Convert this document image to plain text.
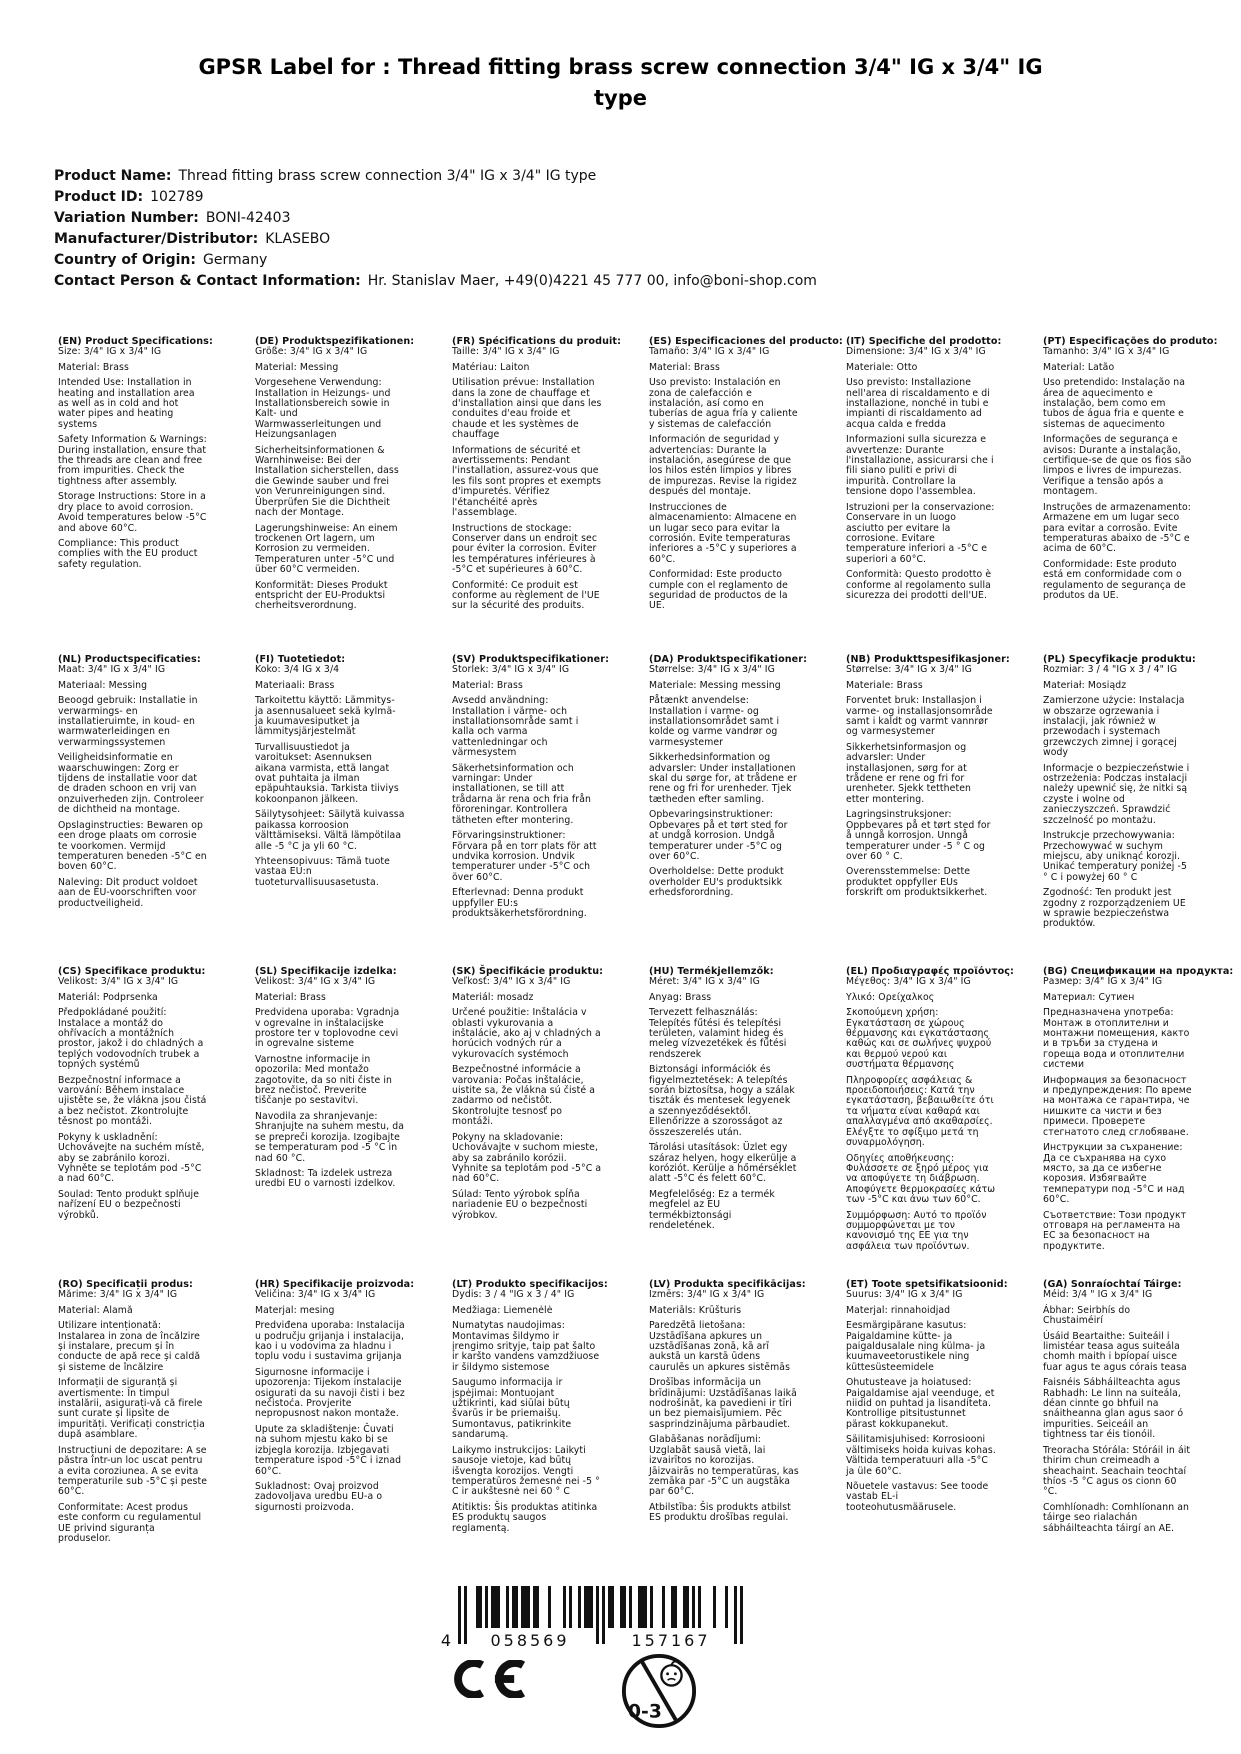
GPSR Label for : Thread fitting brass screw connection 3/4" IG x 3/4" IG type
Product Name: Thread fitting brass screw connection 3/4" IG x 3/4" IG type
Product ID: 102789
Variation Number: BONI-42403
Manufacturer/Distributor: KLASEBO
Country of Origin: Germany
Contact Person & Contact Information: Hr. Stanislav Maer, +49(0)4221 45 777 00, info@boni-shop.com
(EN) Product Specifications:

Size: 3/4" IG x 3/4" IG

Material: Brass

Intended Use: Installation in heating and installation area as well as in cold and hot water pipes and heating systems

Safety Information & Warnings: During installation, ensure that the threads are clean and free from impurities. Check the tightness after assembly.

Storage Instructions: Store in a dry place to avoid corrosion. Avoid temperatures below -5°C and above 60°C.

Compliance: This product complies with the EU product safety regulation.

(DE) Produktspezifikationen:

Größe: 3/4" IG x 3/4" IG

Material: Messing

Vorgesehene Verwendung: Installation in Heizungs- und Installationsbereich sowie in Kalt- und Warmwasserleitungen und Heizungsanlagen

Sicherheitsinformationen & Warnhinweise: Bei der Installation sicherstellen, dass die Gewinde sauber und frei von Verunreinigungen sind. Überprüfen Sie die Dichtheit nach der Montage.

Lagerungshinweise: An einem trockenen Ort lagern, um Korrosion zu vermeiden. Temperaturen unter -5°C und über 60°C vermeiden.

Konformität: Dieses Produkt entspricht der EU-Produktsi cherheitsverordnung.

(FR) Spécifications du produit:

Taille: 3/4" IG x 3/4" IG

Matériau: Laiton

Utilisation prévue: Installation dans la zone de chauffage et d'installation ainsi que dans les conduites d'eau froide et chaude et les systèmes de chauffage

Informations de sécurité et avertissements: Pendant l'installation, assurez-vous que les fils sont propres et exempts d'impuretés. Vérifiez l'étanchéité après l'assemblage.

Instructions de stockage: Conserver dans un endroit sec pour éviter la corrosion. Éviter les températures inférieures à -5°C et supérieures à 60°C.

Conformité: Ce produit est conforme au règlement de l'UE sur la sécurité des produits.

(ES) Especificaciones del producto:

Tamaño: 3/4" IG x 3/4" IG

Material: Brass

Uso previsto: Instalación en zona de calefacción e instalación, así como en tuberías de agua fría y caliente y sistemas de calefacción

Información de seguridad y advertencias: Durante la instalación, asegúrese de que los hilos estén limpios y libres de impurezas. Revise la rigidez después del montaje.

Instrucciones de almacenamiento: Almacene en un lugar seco para evitar la corrosión. Evite temperaturas inferiores a -5°C y superiores a 60°C.

Conformidad: Este producto cumple con el reglamento de seguridad de productos de la UE.

(IT) Specifiche del prodotto:

Dimensione: 3/4" IG x 3/4" IG

Materiale: Otto

Uso previsto: Installazione nell'area di riscaldamento e di installazione, nonché in tubi e impianti di riscaldamento ad acqua calda e fredda

Informazioni sulla sicurezza e avvertenze: Durante l'installazione, assicurarsi che i fili siano puliti e privi di impurità. Controllare la tensione dopo l'assemblea.

Istruzioni per la conservazione: Conservare in un luogo asciutto per evitare la corrosione. Evitare temperature inferiori a -5°C e superiori a 60°C.

Conformità: Questo prodotto è conforme al regolamento sulla sicurezza dei prodotti dell'UE.

(PT) Especificações do produto:

Tamanho: 3/4" IG x 3/4" IG

Material: Latão

Uso pretendido: Instalação na área de aquecimento e instalação, bem como em tubos de água fria e quente e sistemas de aquecimento

Informações de segurança e avisos: Durante a instalação, certifique-se de que os fios são limpos e livres de impurezas. Verifique a tensão após a montagem.

Instruções de armazenamento: Armazene em um lugar seco para evitar a corrosão. Evite temperaturas abaixo de -5°C e acima de 60°C.

Conformidade: Este produto está em conformidade com o regulamento de segurança de produtos da UE.

(NL) Productspecificaties:

Maat: 3/4" IG x 3/4" IG

Materiaal: Messing

Beoogd gebruik: Installatie in verwarmings- en installatieruimte, in koud- en warmwaterleidingen en verwarmingssystemen

Veiligheidsinformatie en waarschuwingen: Zorg er tijdens de installatie voor dat de draden schoon en vrij van onzuiverheden zijn. Controleer de dichtheid na montage.

Opslaginstructies: Bewaren op een droge plaats om corrosie te voorkomen. Vermijd temperaturen beneden -5°C en boven 60°C.

Naleving: Dit product voldoet aan de EU-voorschriften voor productveiligheid.

(FI) Tuotetiedot:

Koko: 3/4 IG x 3/4

Materiaali: Brass

Tarkoitettu käyttö: Lämmitys- ja asennusalueet sekä kylmä- ja kuumavesiputket ja lämmitysjärjestelmät

Turvallisuustiedot ja varoitukset: Asennuksen aikana varmista, että langat ovat puhtaita ja ilman epäpuhtauksia. Tarkista tiiviys kokoonpanon jälkeen.

Säilytysohjeet: Säilytä kuivassa paikassa korroosion välttämiseksi. Vältä lämpötilaa alle -5 °C ja yli 60 °C.

Yhteensopivuus: Tämä tuote vastaa EU:n tuoteturvallisuusasetusta.

(SV) Produktspecifikationer:

Storlek: 3/4" IG x 3/4" IG

Material: Brass

Avsedd användning: Installation i värme- och installationsområde samt i kalla och varma vattenledningar och värmesystem

Säkerhetsinformation och varningar: Under installationen, se till att trådarna är rena och fria från föroreningar. Kontrollera tätheten efter montering.

Förvaringsinstruktioner: Förvara på en torr plats för att undvika korrosion. Undvik temperaturer under -5°C och över 60°C.

Efterlevnad: Denna produkt uppfyller EU:s produktsäkerhetsförordning.

(DA) Produktspecifikationer:

Størrelse: 3/4" IG x 3/4" IG

Materiale: Messing messing

Påtænkt anvendelse: Installation i varme- og installationsområdet samt i kolde og varme vandrør og varmesystemer

Sikkerhedsinformation og advarsler: Under installationen skal du sørge for, at trådene er rene og fri for urenheder. Tjek tætheden efter samling.

Opbevaringsinstruktioner: Opbevares på et tørt sted for at undgå korrosion. Undgå temperaturer under -5°C og over 60°C.

Overholdelse: Dette produkt overholder EU's produktsikk erhedsforordning.

(NB) Produkttspesifikasjoner:

Størrelse: 3/4" IG x 3/4" IG

Materiale: Brass

Forventet bruk: Installasjon i varme- og installasjonsområde samt i kaldt og varmt vannrør og varmesystemer

Sikkerhetsinformasjon og advarsler: Under installasjonen, sørg for at trådene er rene og fri for urenheter. Sjekk tettheten etter montering.

Lagringsinstruksjoner: Oppbevares på et tørt sted for å unngå korrosjon. Unngå temperaturer under -5 ° C og over 60 ° C.

Overensstemmelse: Dette produktet oppfyller EUs forskrift om produktsikkerhet.

(PL) Specyfikacje produktu:

Rozmiar: 3 / 4 "IG x 3 / 4" IG

Materiał: Mosiądz

Zamierzone użycie: Instalacja w obszarze ogrzewania i instalacji, jak również w przewodach i systemach grzewczych zimnej i gorącej wody

Informacje o bezpieczeństwie i ostrzeżenia: Podczas instalacji należy upewnić się, że nitki są czyste i wolne od zanieczyszczeń. Sprawdzić szczelność po montażu.

Instrukcje przechowywania: Przechowywać w suchym miejscu, aby uniknąć korozji. Unikać temperatury poniżej -5 ° C i powyżej 60 ° C

Zgodność: Ten produkt jest zgodny z rozporządzeniem UE w sprawie bezpieczeństwa produktów.

(CS) Specifikace produktu:

Velikost: 3/4" IG x 3/4" IG

Materiál: Podprsenka

Předpokládané použití: Instalace a montáž do ohřívacích a montážních prostor, jakož i do chladných a teplých vodovodních trubek a topných systémů

Bezpečnostní informace a varování: Během instalace ujistěte se, že vlákna jsou čistá a bez nečistot. Zkontrolujte těsnost po montáži.

Pokyny k uskladnění: Uchovávejte na suchém místě, aby se zabránilo korozi. Vyhněte se teplotám pod -5°C a nad 60°C.

Soulad: Tento produkt splňuje nařízení EU o bezpečnosti výrobků.

(SL) Specifikacije izdelka:

Velikost: 3/4" IG x 3/4" IG

Material: Brass

Predvidena uporaba: Vgradnja v ogrevalne in inštalacijske prostore ter v toplovodne cevi in ogrevalne sisteme

Varnostne informacije in opozorila: Med montažo zagotovite, da so niti čiste in brez nečistoč. Preverite tiščanje po sestavitvi.

Navodila za shranjevanje: Shranjujte na suhem mestu, da se prepreči korozija. Izogibajte se temperaturam pod -5 °C in nad 60 °C.

Skladnost: Ta izdelek ustreza uredbi EU o varnosti izdelkov.

(SK) Špecifikácie produktu:

Veľkosť: 3/4" IG x 3/4" IG

Materiál: mosadz

Určené použitie: Inštalácia v oblasti vykurovania a inštalácie, ako aj v chladných a horúcich vodných rúr a vykurovacích systémoch

Bezpečnostné informácie a varovania: Počas inštalácie, uistite sa, že vlákna sú čisté a zadarmo od nečistôt. Skontrolujte tesnosť po montáži.

Pokyny na skladovanie: Uchovávajte v suchom mieste, aby sa zabránilo korózii. Vyhnite sa teplotám pod -5°C a nad 60°C.

Súlad: Tento výrobok spĺňa nariadenie EÚ o bezpečnosti výrobkov.

(HU) Termékjellemzők:

Méret: 3/4" IG x 3/4" IG

Anyag: Brass

Tervezett felhasználás: Telepítés fűtési és telepítési területen, valamint hideg és meleg vízvezetékek és fűtési rendszerek

Biztonsági információk és figyelmeztetések: A telepítés során biztosítsa, hogy a szálak tiszták és mentesek legyenek a szennyeződésektől. Ellenőrizze a szorosságot az összeszerelés után.

Tárolási utasítások: Üzlet egy száraz helyen, hogy elkerülje a koróziót. Kerülje a hőmérséklet alatt -5°C és felett 60°C.

Megfelelőség: Ez a termék megfelel az EU termékbiztonsági rendeletének.

(EL) Προδιαγραφές προϊόντος:

Μέγεθος: 3/4" IG x 3/4" IG

Υλικό: Ορείχαλκος

Σκοπούμενη χρήση: Εγκατάσταση σε χώρους θέρμανσης και εγκατάστασης καθώς και σε σωλήνες ψυχρού και θερμού νερού και συστήματα θέρμανσης

Πληροφορίες ασφάλειας & προειδοποιήσεις: Κατά την εγκατάσταση, βεβαιωθείτε ότι τα νήματα είναι καθαρά και απαλλαγμένα από ακαθαρσίες. Ελέγξτε το σφίξιμο μετά τη συναρμολόγηση.

Οδηγίες αποθήκευσης: Φυλάσσετε σε ξηρό μέρος για να αποφύγετε τη διάβρωση. Αποφύγετε θερμοκρασίες κάτω των -5°C και άνω των 60°C.

Συμμόρφωση: Αυτό το προϊόν συμμορφώνεται με τον κανονισμό της ΕΕ για την ασφάλεια των προϊόντων.

(BG) Спецификации на продукта:

Размер: 3/4" IG x 3/4" IG

Материал: Сутиен

Предназначена употреба: Монтаж в отоплителни и монтажни помещения, както и в тръби за студена и гореща вода и отоплителни системи

Информация за безопасност и предупреждения: По време на монтажа се гарантира, че нишките са чисти и без примеси. Проверете стегнатото след сглобяване.

Инструкции за съхранение: Да се съхранява на сухо място, за да се избегне корозия. Избягвайте температури под -5°C и над 60°C.

Съответствие: Този продукт отговаря на регламента на ЕС за безопасност на продуктите.

(RO) Specificații produs:

Mărime: 3/4" IG x 3/4" IG

Material: Alamă

Utilizare intenționată: Instalarea in zona de încălzire și instalare, precum și în conducte de apă rece și caldă și sisteme de încălzire

Informații de siguranță și avertismente: În timpul instalării, asigurați-vă că firele sunt curate și lipsite de impurități. Verificați constricția după asamblare.

Instrucțiuni de depozitare: A se păstra într-un loc uscat pentru a evita coroziunea. A se evita temperaturile sub -5°C și peste 60°C.

Conformitate: Acest produs este conform cu regulamentul UE privind siguranța produselor.

(HR) Specifikacije proizvoda:

Veličina: 3/4" IG x 3/4" IG

Materjal: mesing

Predviđena uporaba: Instalacija u području grijanja i instalacija, kao i u vodovima za hladnu i toplu vodu i sustavima grijanja

Sigurnosne informacije i upozorenja: Tijekom instalacije osigurati da su navoji čisti i bez nečistoća. Provjerite nepropusnost nakon montaže.

Upute za skladištenje: Čuvati na suhom mjestu kako bi se izbjegla korozija. Izbjegavati temperature ispod -5°C i iznad 60°C.

Sukladnost: Ovaj proizvod zadovoljava uredbu EU-a o sigurnosti proizvoda.

(LT) Produkto specifikacijos:

Dydis: 3 / 4 "IG x 3 / 4" IG

Medžiaga: Liemenėlė

Numatytas naudojimas: Montavimas šildymo ir įrengimo srityje, taip pat šalto ir karšto vandens vamzdžiuose ir šildymo sistemose

Saugumo informacija ir įspėjimai: Montuojant užtikrinti, kad siūlai būtų švarūs ir be priemaišų. Sumontavus, patikrinkite sandarumą.

Laikymo instrukcijos: Laikyti sausoje vietoje, kad būtų išvengta korozijos. Vengti temperatūros žemesnė nei -5 ° C ir aukštesnė nei 60 ° C

Atitiktis: Šis produktas atitinka ES produktų saugos reglamentą.

(LV) Produkta specifikācijas:

Izmērs: 3/4" IG x 3/4" IG

Materiāls: Krūšturis

Paredzētā lietošana: Uzstādīšana apkures un uzstādīšanas zonā, kā arī aukstā un karstā ūdens caurulēs un apkures sistēmās

Drošības informācija un brīdinājumi: Uzstādīšanas laikā nodrošināt, ka pavedieni ir tīri un bez piemaisījumiem. Pēc sasprindzinājuma pārbaudiet.

Glabāšanas norādījumi: Uzglabāt sausā vietā, lai izvairītos no korozijas. Jāizvairās no temperatūras, kas zemāka par -5°C un augstāka par 60°C.

Atbilstība: Šis produkts atbilst ES produktu drošības regulai.

(ET) Toote spetsifikatsioonid:

Suurus: 3/4" IG x 3/4" IG

Materjal: rinnahoidjad

Eesmärgipärane kasutus: Paigaldamine kütte- ja paigaldusalale ning külma- ja kuumaveetorustikele ning küttesüsteemidele

Ohutusteave ja hoiatused: Paigaldamise ajal veenduge, et niidid on puhtad ja lisanditeta. Kontrollige pitsitustunnet pärast kokkupanekut.

Säilitamisjuhised: Korrosiooni vältimiseks hoida kuivas kohas. Vältida temperatuuri alla -5°C ja üle 60°C.

Nõuetele vastavus: See toode vastab EL-i tooteohutusmäärusele.

(GA) Sonraíochtaí Táirge:

Méid: 3/4 " IG x 3/4" IG

Ábhar: Seirbhís do Chustaiméirí

Úsáid Beartaithe: Suiteáil i limistéar teasa agus suiteála chomh maith i bpíopaí uisce fuar agus te agus córais teasa

Faisnéis Sábháilteachta agus Rabhadh: Le linn na suiteála, déan cinnte go bhfuil na snáitheanna glan agus saor ó impurities. Seiceáil an tightness tar éis tionóil.

Treoracha Stórála: Stóráil in áit thirim chun creimeadh a sheachaint. Seachain teochtaí thíos -5 °C agus os cionn 60 °C.

Comhlíonadh: Comhlíonann an táirge seo rialachán sábháilteachta táirgí an AE.

4 058569	157167
0-3
